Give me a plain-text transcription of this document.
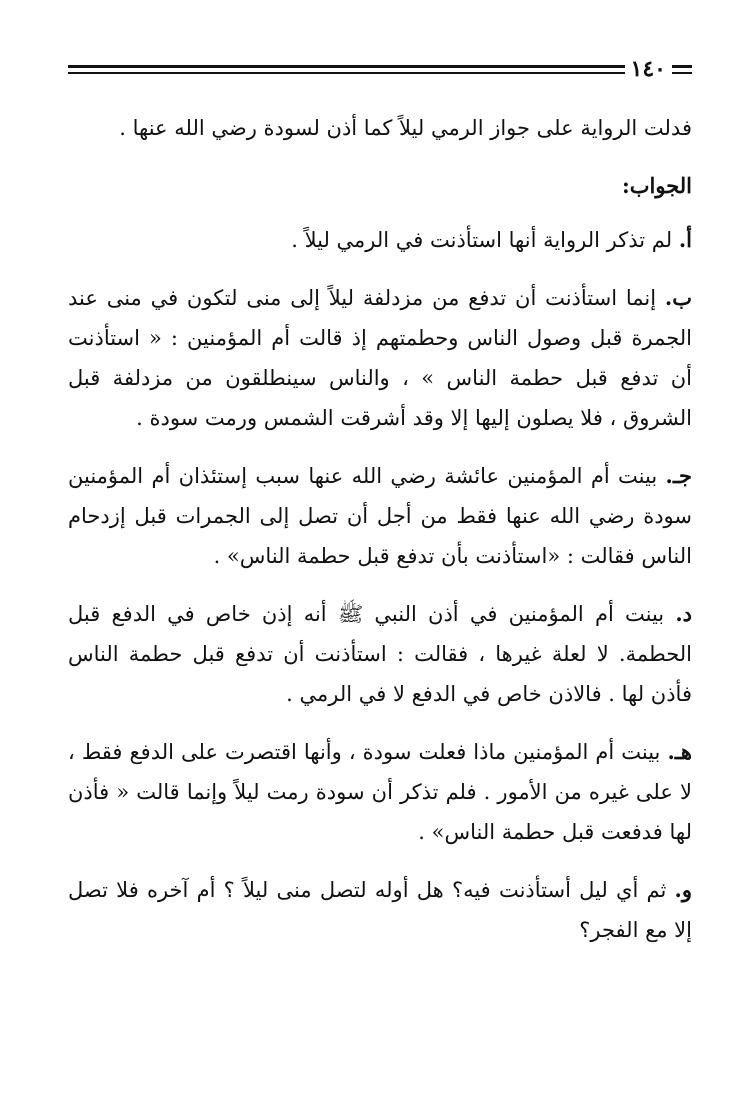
١٤٠

فدلت الرواية على جواز الرمي ليلاً كما أذن لسودة رضي الله عنها .

الجواب:

أ. لم تذكر الرواية أنها استأذنت في الرمي ليلاً .

ب. إنما استأذنت أن تدفع من مزدلفة ليلاً إلى منى لتكون في منى عند الجمرة قبل وصول الناس وحطمتهم إذ قالت أم المؤمنين : « استأذنت أن تدفع قبل حطمة الناس » ، والناس سينطلقون من مزدلفة قبل الشروق ، فلا يصلون إليها إلا وقد أشرقت الشمس ورمت سودة .

جـ. بينت أم المؤمنين عائشة رضي الله عنها سبب إستئذان أم المؤمنين سودة رضي الله عنها فقط من أجل أن تصل إلى الجمرات قبل إزدحام الناس فقالت : «استأذنت بأن تدفع قبل حطمة الناس» .

د. بينت أم المؤمنين في أذن النبي ﷺ أنه إذن خاص في الدفع قبل الحطمة. لا لعلة غيرها ، فقالت : استأذنت أن تدفع قبل حطمة الناس فأذن لها . فالاذن خاص في الدفع لا في الرمي .

هـ. بينت أم المؤمنين ماذا فعلت سودة ، وأنها اقتصرت على الدفع فقط ، لا على غيره من الأمور . فلم تذكر أن سودة رمت ليلاً وإنما قالت « فأذن لها فدفعت قبل حطمة الناس» .

و. ثم أي ليل أستأذنت فيه؟ هل أوله لتصل منى ليلاً ؟ أم آخره فلا تصل إلا مع الفجر؟
